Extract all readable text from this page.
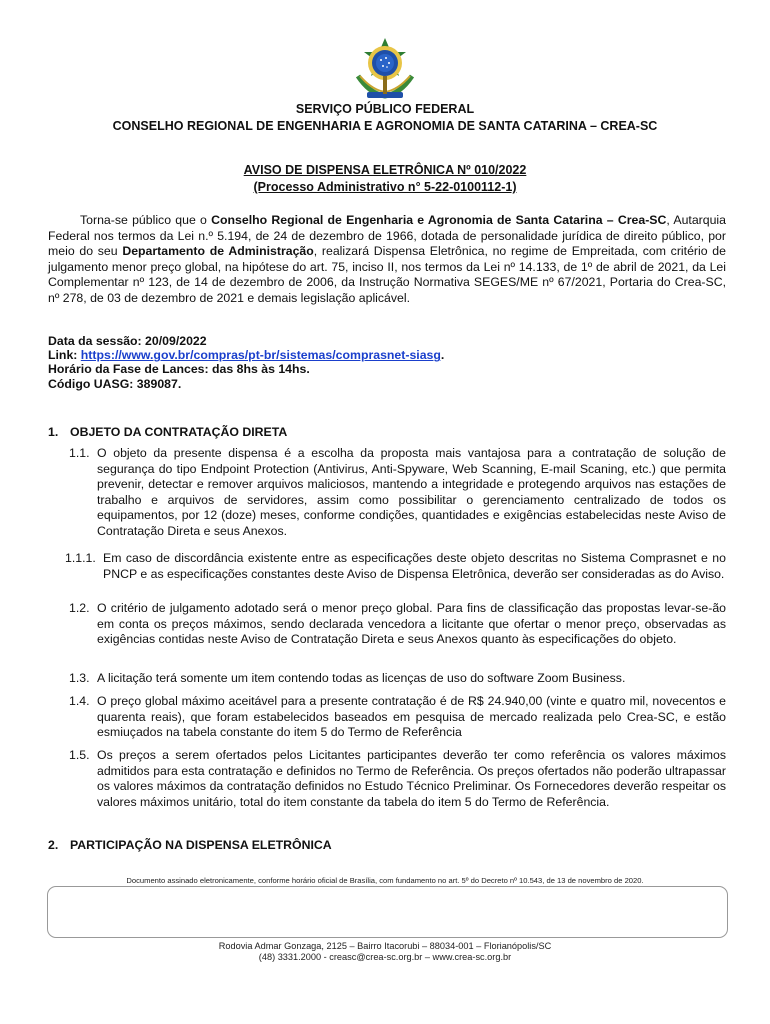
SERVIÇO PÚBLICO FEDERAL
CONSELHO REGIONAL DE ENGENHARIA E AGRONOMIA DE SANTA CATARINA – CREA-SC
AVISO DE DISPENSA ELETRÔNICA Nº 010/2022
(Processo Administrativo n° 5-22-0100112-1)
Torna-se público que o Conselho Regional de Engenharia e Agronomia de Santa Catarina – Crea-SC, Autarquia Federal nos termos da Lei n.º 5.194, de 24 de dezembro de 1966, dotada de personalidade jurídica de direito público, por meio do seu Departamento de Administração, realizará Dispensa Eletrônica, no regime de Empreitada, com critério de julgamento menor preço global, na hipótese do art. 75, inciso II, nos termos da Lei nº 14.133, de 1º de abril de 2021, da Lei Complementar nº 123, de 14 de dezembro de 2006, da Instrução Normativa SEGES/ME nº 67/2021, Portaria do Crea-SC, nº 278, de 03 de dezembro de 2021 e demais legislação aplicável.
Data da sessão: 20/09/2022
Link: https://www.gov.br/compras/pt-br/sistemas/comprasnet-siasg.
Horário da Fase de Lances: das 8hs às 14hs.
Código UASG: 389087.
1. OBJETO DA CONTRATAÇÃO DIRETA
1.1. O objeto da presente dispensa é a escolha da proposta mais vantajosa para a contratação de solução de segurança do tipo Endpoint Protection (Antivirus, Anti-Spyware, Web Scanning, E-mail Scaning, etc.) que permita prevenir, detectar e remover arquivos maliciosos, mantendo a integridade e protegendo arquivos nas estações de trabalho e arquivos de servidores, assim como possibilitar o gerenciamento centralizado de todos os equipamentos, por 12 (doze) meses, conforme condições, quantidades e exigências estabelecidas neste Aviso de Contratação Direta e seus Anexos.
1.1.1. Em caso de discordância existente entre as especificações deste objeto descritas no Sistema Comprasnet e no PNCP e as especificações constantes deste Aviso de Dispensa Eletrônica, deverão ser consideradas as do Aviso.
1.2. O critério de julgamento adotado será o menor preço global. Para fins de classificação das propostas levar-se-ão em conta os preços máximos, sendo declarada vencedora a licitante que ofertar o menor preço, observadas as exigências contidas neste Aviso de Contratação Direta e seus Anexos quanto às especificações do objeto.
1.3. A licitação terá somente um item contendo todas as licenças de uso do software Zoom Business.
1.4. O preço global máximo aceitável para a presente contratação é de R$ 24.940,00 (vinte e quatro mil, novecentos e quarenta reais), que foram estabelecidos baseados em pesquisa de mercado realizada pelo Crea-SC, e estão esmiuçados na tabela constante do item 5 do Termo de Referência
1.5. Os preços a serem ofertados pelos Licitantes participantes deverão ter como referência os valores máximos admitidos para esta contratação e definidos no Termo de Referência. Os preços ofertados não poderão ultrapassar os valores máximos da contratação definidos no Estudo Técnico Preliminar. Os Fornecedores deverão respeitar os valores máximos unitário, total do item constante da tabela do item 5 do Termo de Referência.
2. PARTICIPAÇÃO NA DISPENSA ELETRÔNICA
Documento assinado eletronicamente, conforme horário oficial de Brasília, com fundamento no art. 5º do Decreto nº 10.543, de 13 de novembro de 2020.
Rodovia Admar Gonzaga, 2125 – Bairro Itacorubi – 88034-001 – Florianópolis/SC
(48) 3331.2000 - creasc@crea-sc.org.br – www.crea-sc.org.br
